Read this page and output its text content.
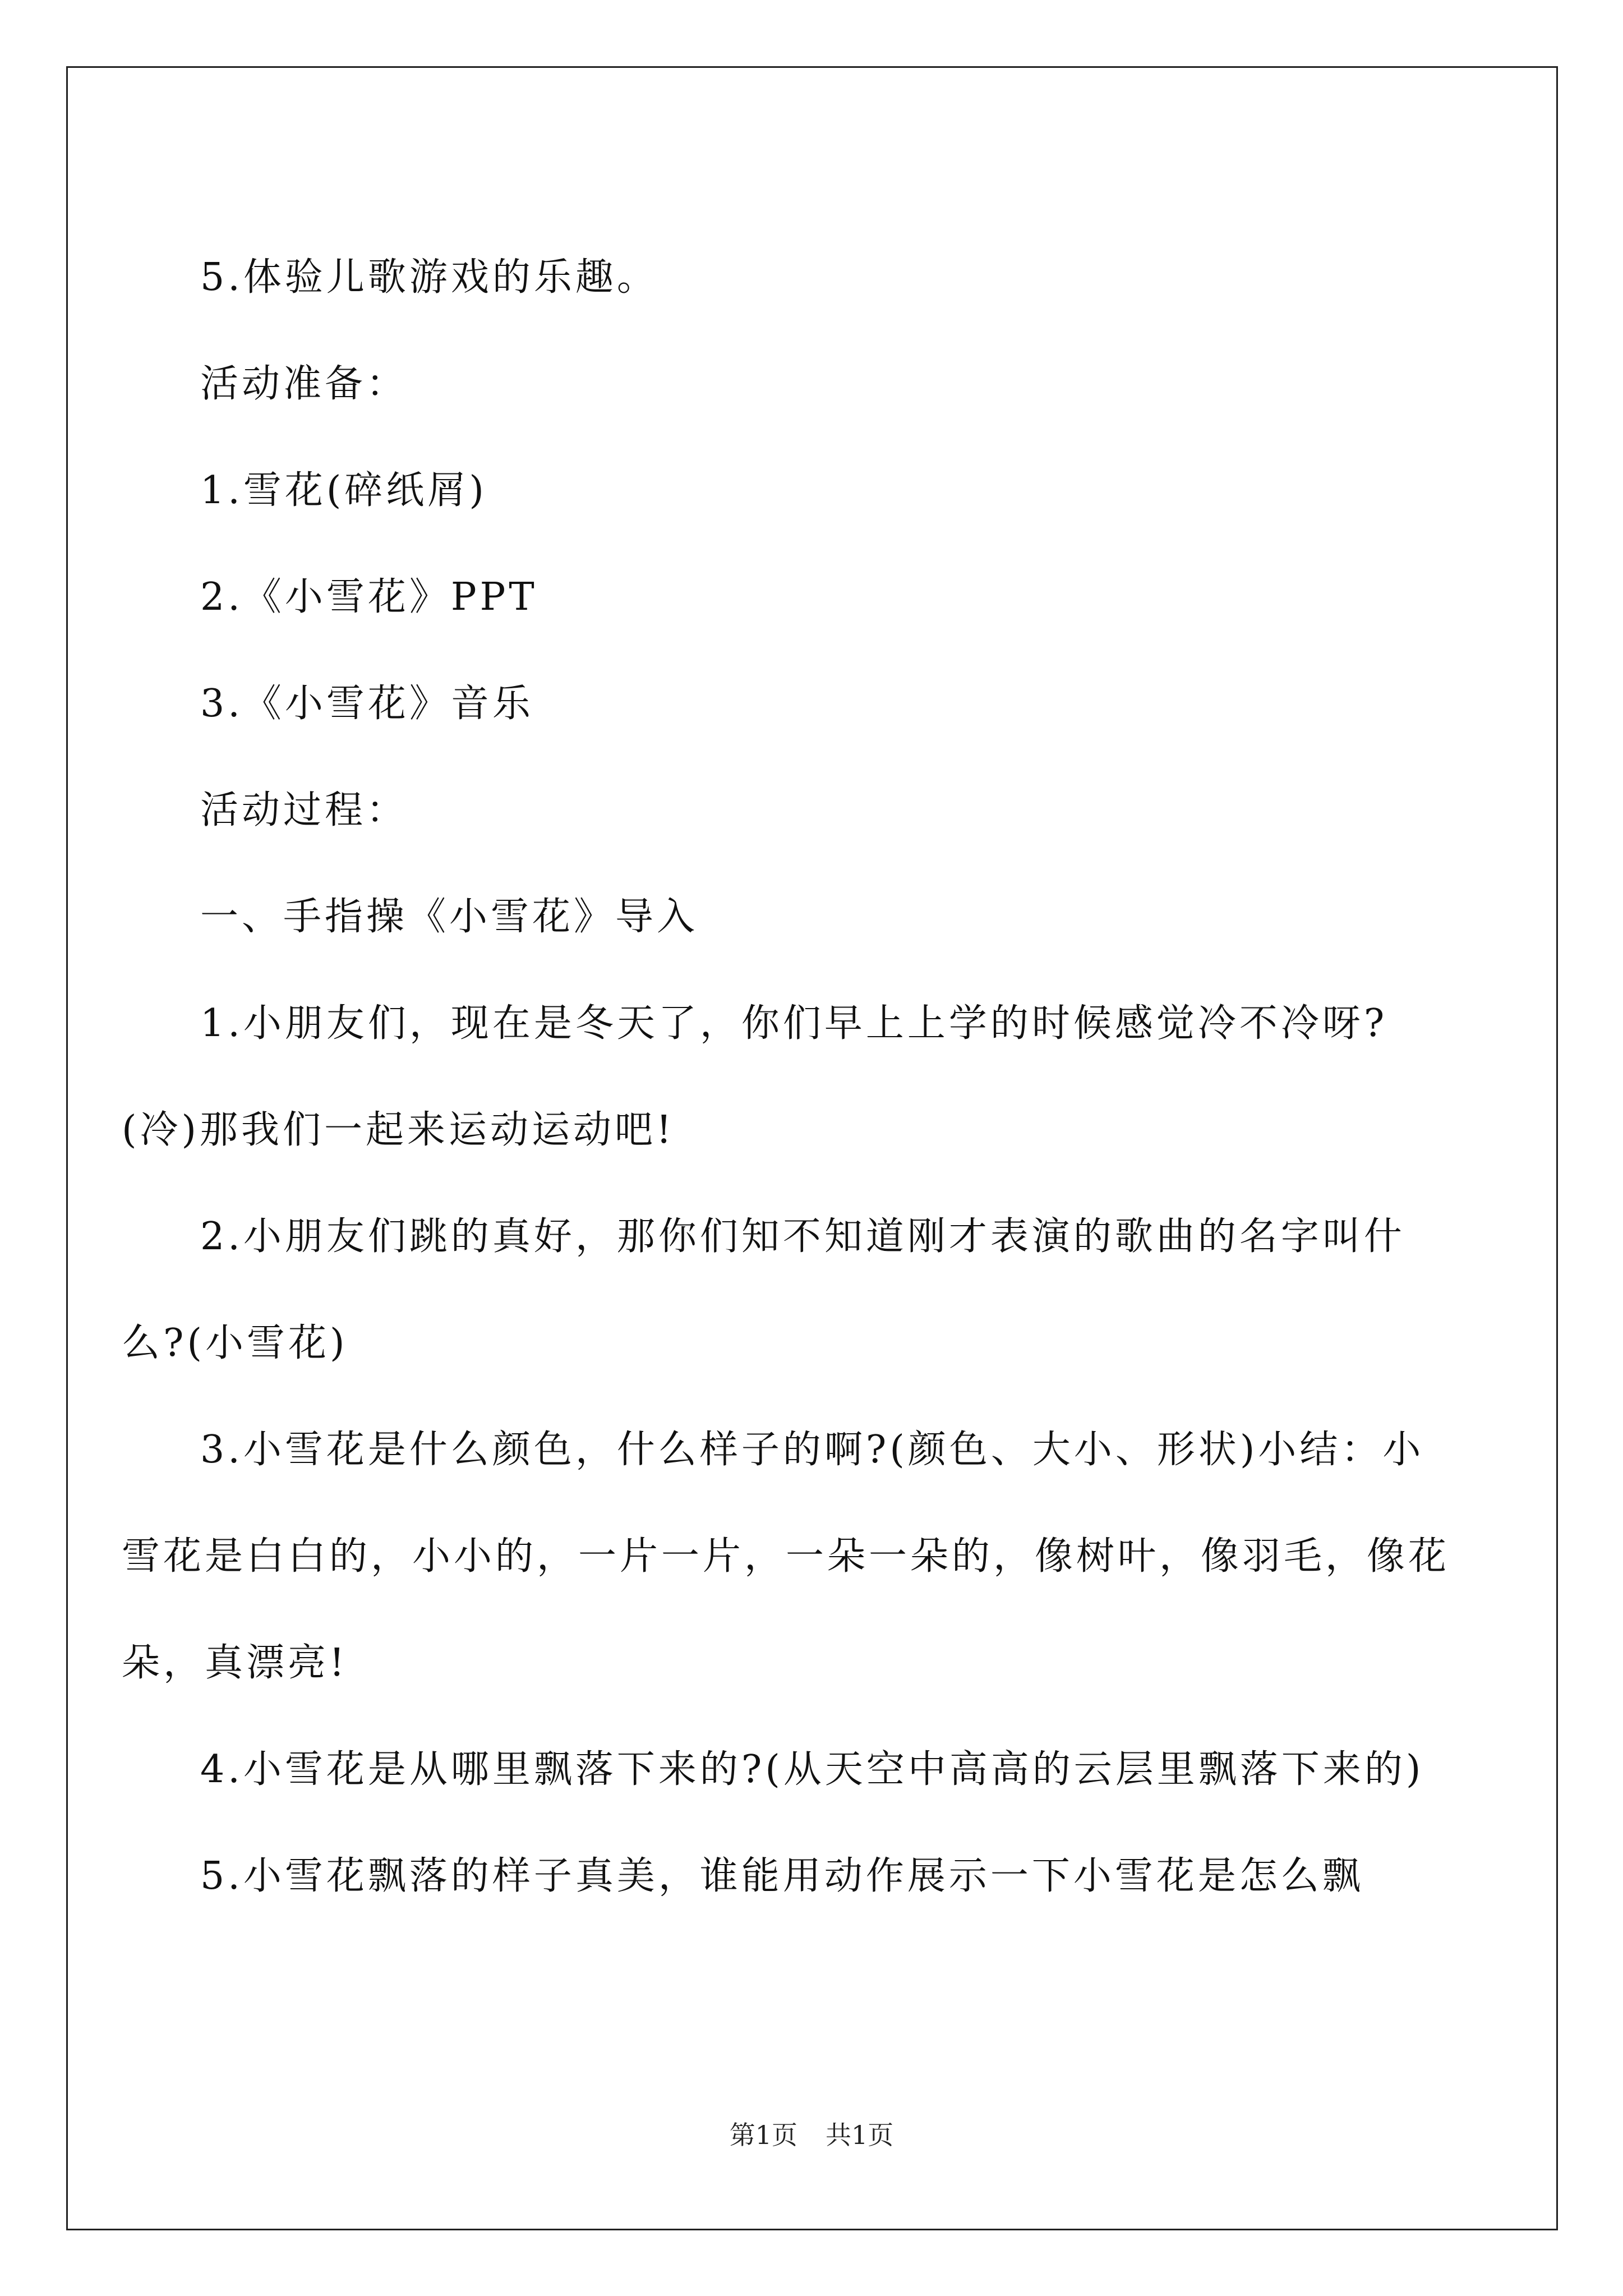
5.体验儿歌游戏的乐趣。

活动准备：

1.雪花(碎纸屑)

2.《小雪花》PPT

3.《小雪花》音乐

活动过程：

一、手指操《小雪花》导入

1.小朋友们，现在是冬天了，你们早上上学的时候感觉冷不冷呀?(冷)那我们一起来运动运动吧!

2.小朋友们跳的真好，那你们知不知道刚才表演的歌曲的名字叫什么?(小雪花)

3.小雪花是什么颜色，什么样子的啊?(颜色、大小、形状)小结：小雪花是白白的，小小的，一片一片，一朵一朵的，像树叶，像羽毛，像花朵，真漂亮!

4.小雪花是从哪里飘落下来的?(从天空中高高的云层里飘落下来的)

5.小雪花飘落的样子真美，谁能用动作展示一下小雪花是怎么飘

第1页 共1页
